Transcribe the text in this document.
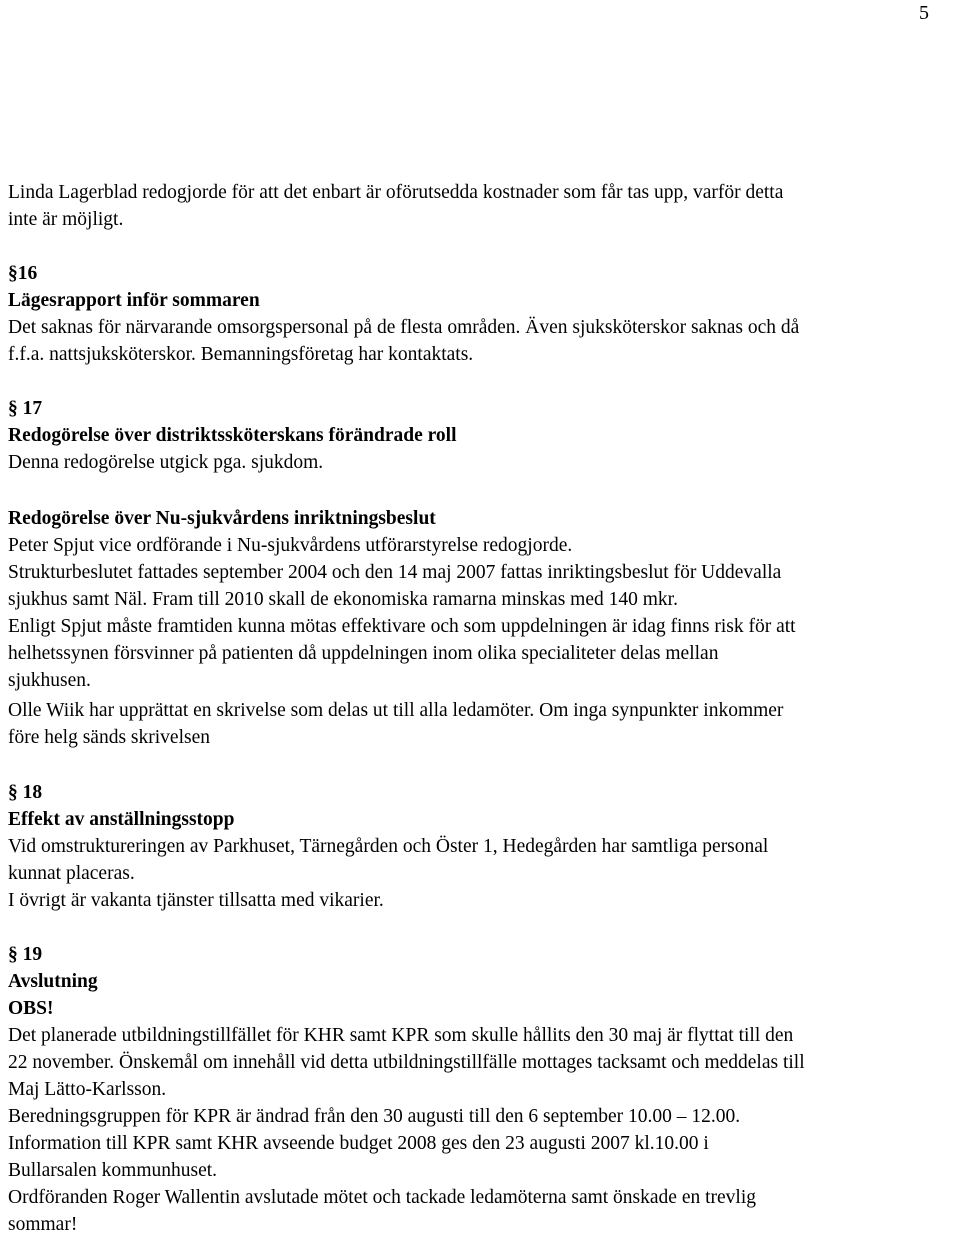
5
Linda Lagerblad redogjorde för att det enbart är oförutsedda kostnader som får tas upp, varför detta
inte är möjligt.
§16
Lägesrapport inför sommaren
Det saknas för närvarande omsorgspersonal på de flesta områden. Även sjuksköterskor saknas och då
f.f.a. nattsjuksköterskor. Bemanningsföretag har kontaktats.
§ 17
Redogörelse över distriktssköterskans förändrade roll
Denna redogörelse utgick pga. sjukdom.
Redogörelse över Nu-sjukvårdens inriktningsbeslut
Peter Spjut vice ordförande i Nu-sjukvårdens utförarstyrelse redogjorde.
Strukturbeslutet fattades september 2004 och den 14 maj 2007 fattas inriktingsbeslut för Uddevalla
sjukhus samt Näl. Fram till 2010 skall de ekonomiska ramarna minskas med 140 mkr.
Enligt Spjut måste framtiden kunna mötas effektivare och som uppdelningen är idag finns risk för att
helhetssynen försvinner på patienten då uppdelningen inom olika specialiteter delas mellan
sjukhusen.
Olle Wiik har upprättat en skrivelse som delas ut till alla ledamöter. Om inga synpunkter inkommer
före helg sänds skrivelsen
§ 18
Effekt av anställningsstopp
Vid omstruktureringen av Parkhuset, Tärnegården och Öster 1, Hedegården har samtliga personal
kunnat placeras.
I övrigt är vakanta tjänster tillsatta med vikarier.
§ 19
Avslutning
OBS!
Det planerade utbildningstillfället för KHR samt KPR som skulle hållits den 30 maj är flyttat till den
22 november. Önskemål om innehåll vid detta utbildningstillfälle mottages tacksamt och meddelas till
Maj Lätto-Karlsson.
Beredningsgruppen för KPR är ändrad från den 30 augusti till den 6 september 10.00 – 12.00.
Information till KPR samt KHR avseende budget 2008 ges den 23 augusti 2007 kl.10.00 i
Bullarsalen kommunhuset.
Ordföranden Roger Wallentin avslutade mötet och tackade ledamöterna samt önskade en trevlig
sommar!
